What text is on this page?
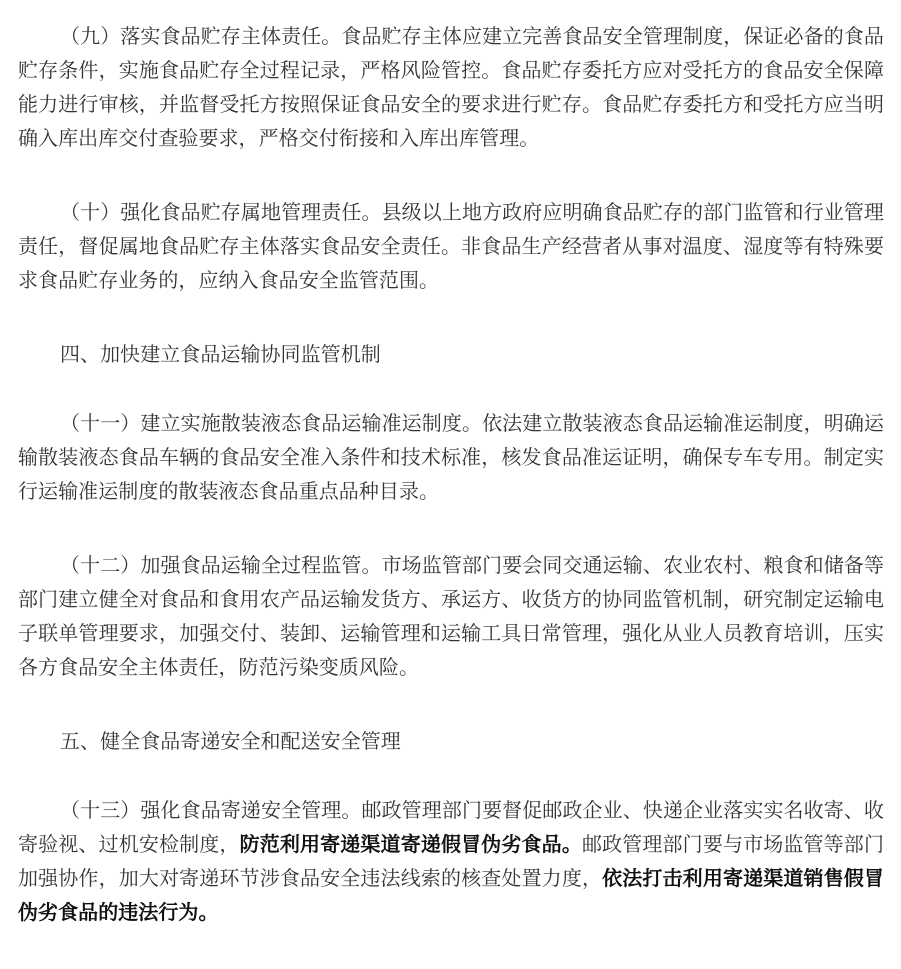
（九）落实食品贮存主体责任。食品贮存主体应建立完善食品安全管理制度，保证必备的食品贮存条件，实施食品贮存全过程记录，严格风险管控。食品贮存委托方应对受托方的食品安全保障能力进行审核，并监督受托方按照保证食品安全的要求进行贮存。食品贮存委托方和受托方应当明确入库出库交付查验要求，严格交付衔接和入库出库管理。

（十）强化食品贮存属地管理责任。县级以上地方政府应明确食品贮存的部门监管和行业管理责任，督促属地食品贮存主体落实食品安全责任。非食品生产经营者从事对温度、湿度等有特殊要求食品贮存业务的，应纳入食品安全监管范围。

四、加快建立食品运输协同监管机制

（十一）建立实施散装液态食品运输准运制度。依法建立散装液态食品运输准运制度，明确运输散装液态食品车辆的食品安全准入条件和技术标准，核发食品准运证明，确保专车专用。制定实行运输准运制度的散装液态食品重点品种目录。

（十二）加强食品运输全过程监管。市场监管部门要会同交通运输、农业农村、粮食和储备等部门建立健全对食品和食用农产品运输发货方、承运方、收货方的协同监管机制，研究制定运输电子联单管理要求，加强交付、装卸、运输管理和运输工具日常管理，强化从业人员教育培训，压实各方食品安全主体责任，防范污染变质风险。

五、健全食品寄递安全和配送安全管理

（十三）强化食品寄递安全管理。邮政管理部门要督促邮政企业、快递企业落实实名收寄、收寄验视、过机安检制度，防范利用寄递渠道寄递假冒伪劣食品。邮政管理部门要与市场监管等部门加强协作，加大对寄递环节涉食品安全违法线索的核查处置力度，依法打击利用寄递渠道销售假冒伪劣食品的违法行为。
